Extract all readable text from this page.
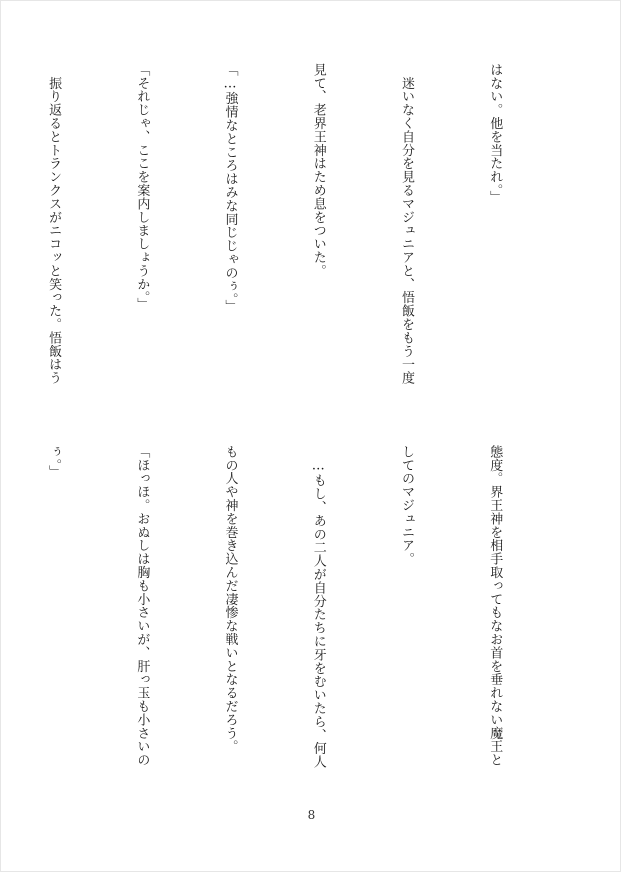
はない。他を当たれ。」

　迷いなく自分を見るマジュニアと、悟飯をもう一度

見て、老界王神はため息をついた。

「…強情なところはみな同じじゃのぅ。」

「それじゃ、ここを案内しましょうか。」

　振り返るとトランクスがニコッと笑った。悟飯はう

態度。界王神を相手取ってもなお首を垂れない魔王と

してのマジュニア。

　…もし、あの二人が自分たちに牙をむいたら、何人

もの人や神を巻き込んだ凄惨な戦いとなるだろう。

「ほっほ。おぬしは胸も小さいが、肝っ玉も小さいの

ぅ。」

8
